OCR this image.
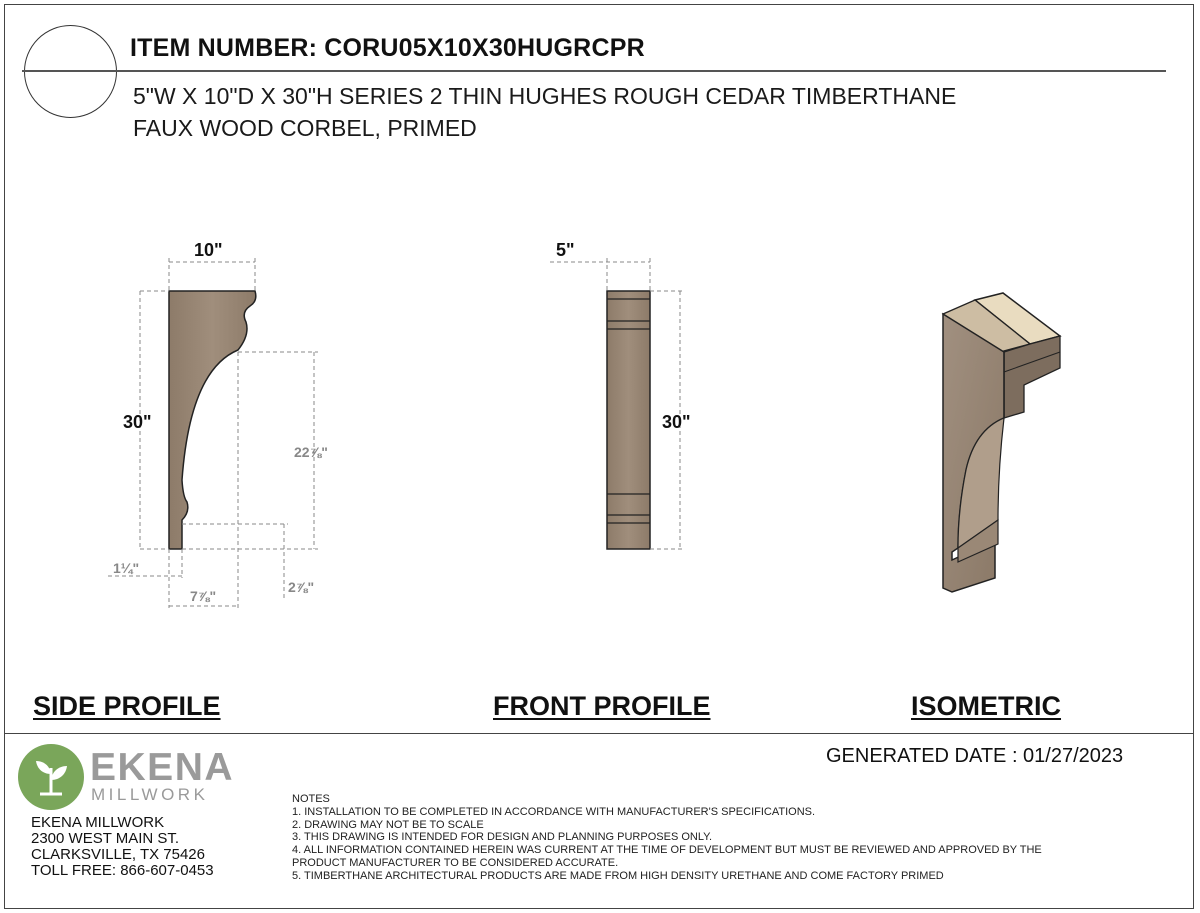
ITEM NUMBER: CORU05X10X30HUGRCPR
5"W X 10"D X 30"H SERIES 2 THIN HUGHES ROUGH CEDAR TIMBERTHANE
FAUX WOOD CORBEL, PRIMED
10"
30"
22⅞"
1¼"
7⅞"
2⅞"
5"
30"
SIDE PROFILE	FRONT PROFILE	ISOMETRIC
EKENA
MILLWORK
EKENA MILLWORK
2300 WEST MAIN ST.
CLARKSVILLE, TX 75426
TOLL FREE: 866-607-0453
GENERATED DATE : 01/27/2023
NOTES
1. INSTALLATION TO BE COMPLETED IN ACCORDANCE WITH MANUFACTURER'S SPECIFICATIONS.
2. DRAWING MAY NOT BE TO SCALE
3. THIS DRAWING IS INTENDED FOR DESIGN AND PLANNING PURPOSES ONLY.
4. ALL INFORMATION CONTAINED HEREIN WAS CURRENT AT THE TIME OF DEVELOPMENT BUT MUST BE REVIEWED AND APPROVED BY THE
PRODUCT MANUFACTURER TO BE CONSIDERED ACCURATE.
5. TIMBERTHANE ARCHITECTURAL PRODUCTS ARE MADE FROM HIGH DENSITY URETHANE AND COME FACTORY PRIMED
